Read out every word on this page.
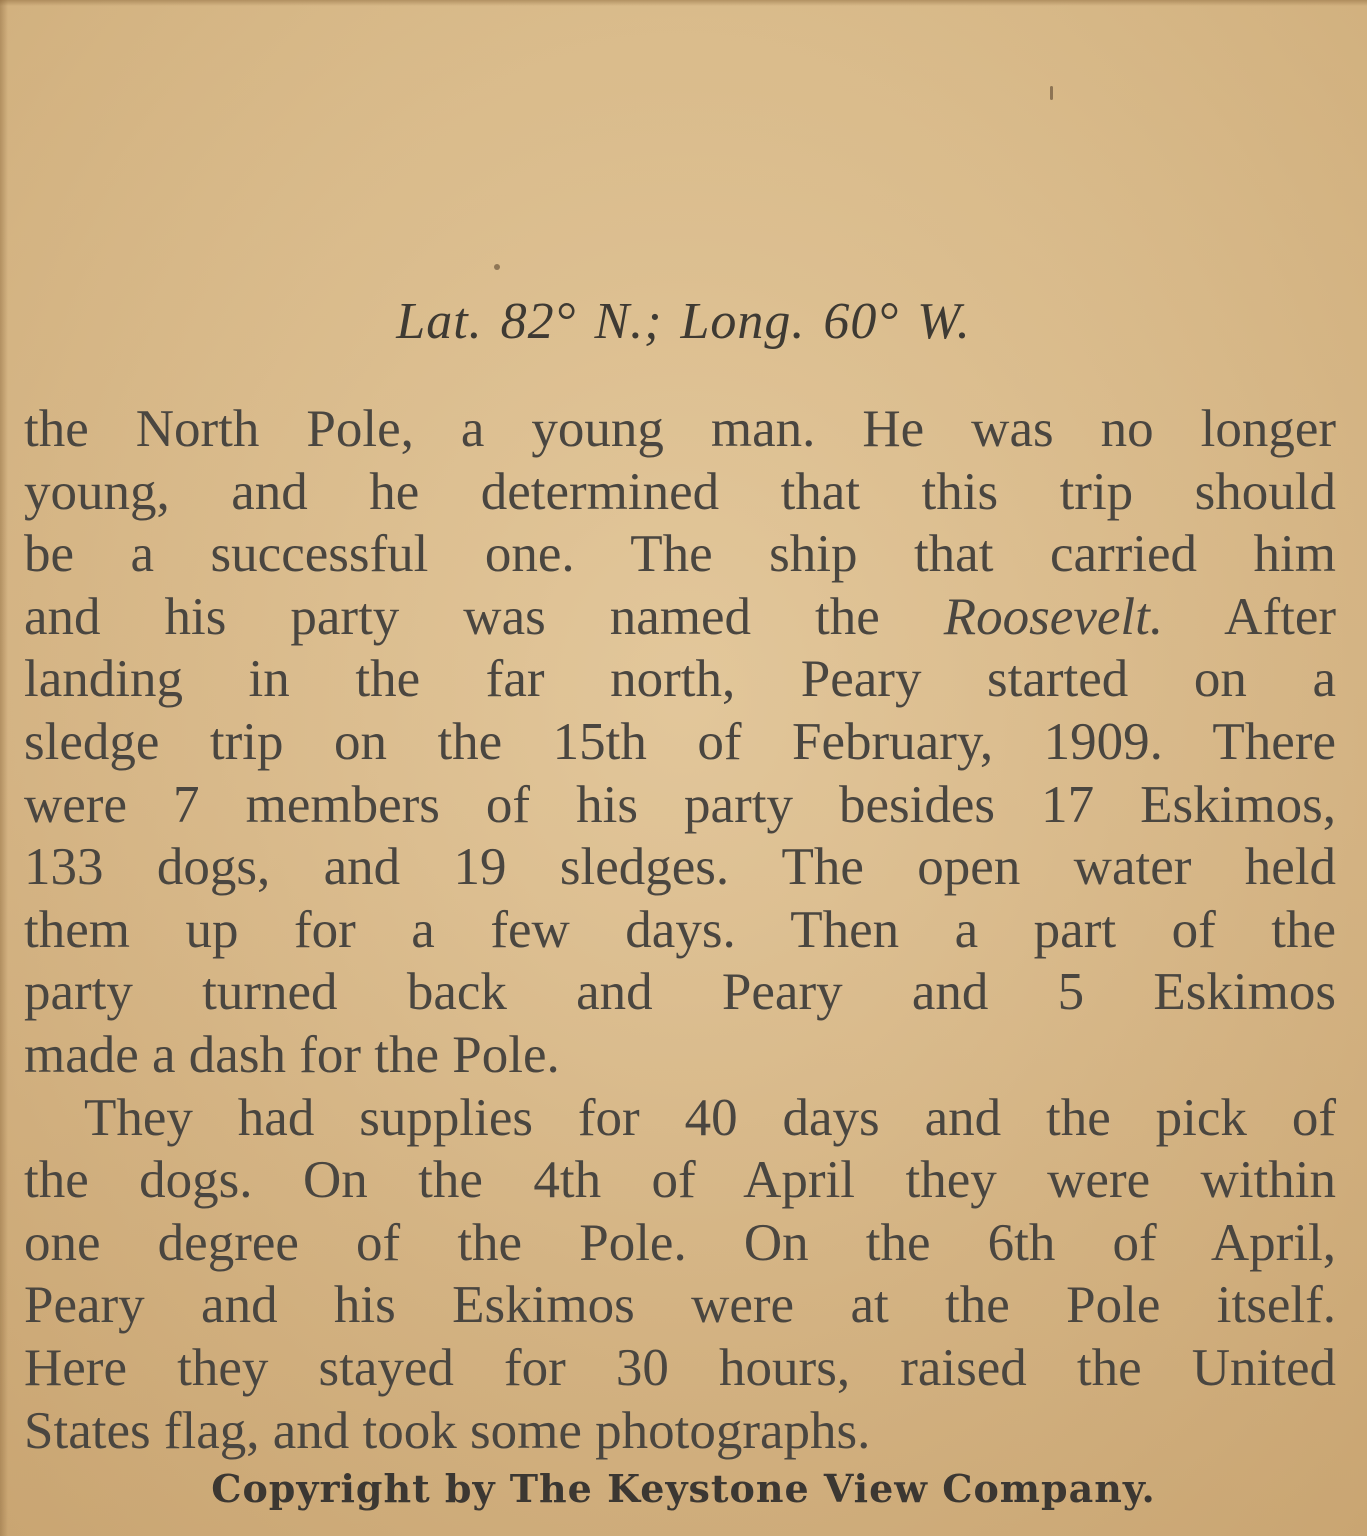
Lat. 82° N.; Long. 60° W.
the North Pole, a young man. He was no longer
young, and he determined that this trip should
be a successful one. The ship that carried him
and his party was named the Roosevelt. After
landing in the far north, Peary started on a
sledge trip on the 15th of February, 1909. There
were 7 members of his party besides 17 Eskimos,
133 dogs, and 19 sledges. The open water held
them up for a few days. Then a part of the
party turned back and Peary and 5 Eskimos
made a dash for the Pole.
They had supplies for 40 days and the pick of
the dogs. On the 4th of April they were within
one degree of the Pole. On the 6th of April,
Peary and his Eskimos were at the Pole itself.
Here they stayed for 30 hours, raised the United
States flag, and took some photographs.
Copyright by The Keystone View Company.
